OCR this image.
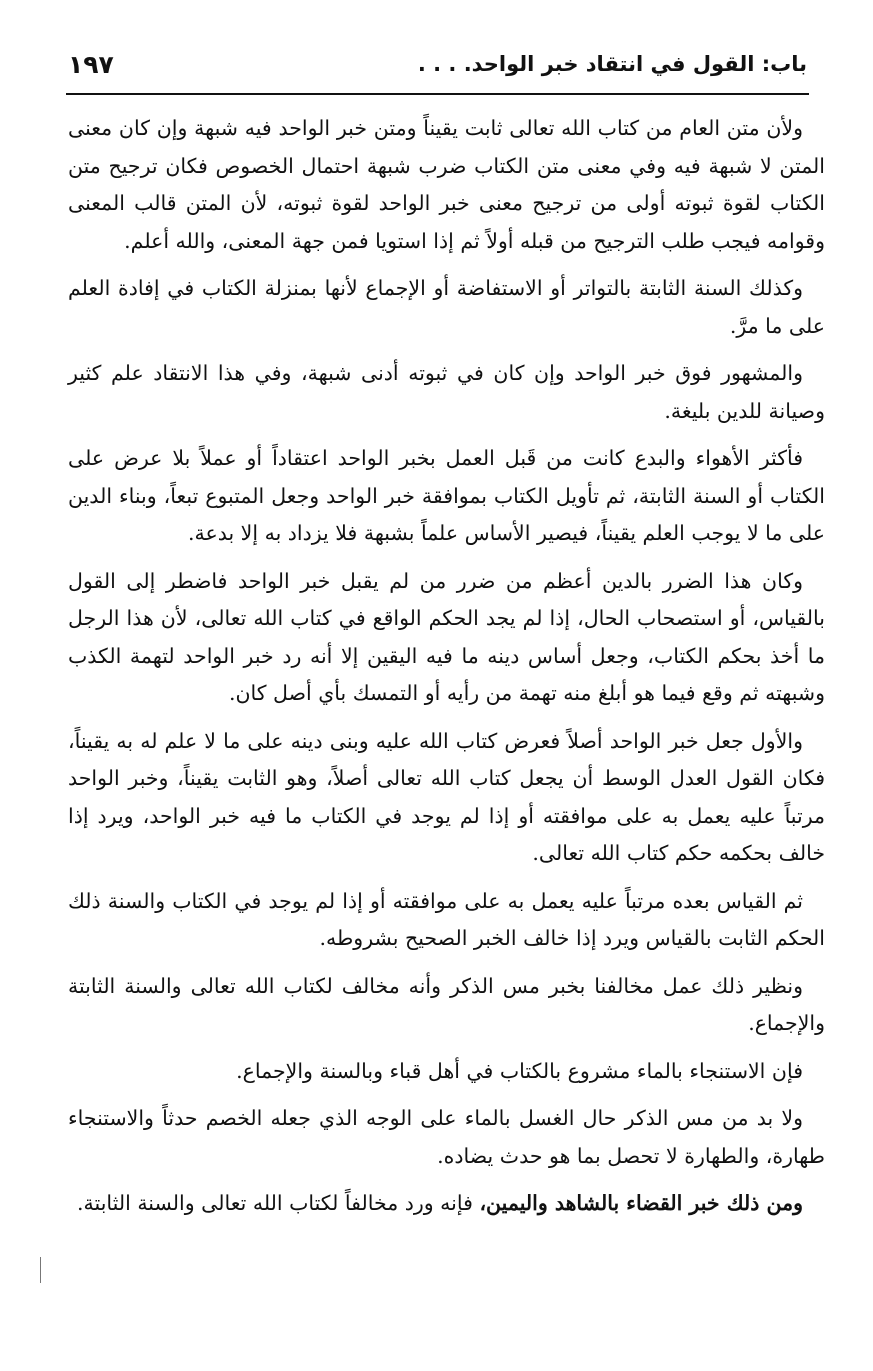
باب: القول في انتقاد خبر الواحد. . . .
١٩٧

ولأن متن العام من كتاب الله تعالى ثابت يقيناً ومتن خبر الواحد فيه شبهة وإن كان معنى المتن لا شبهة فيه وفي معنى متن الكتاب ضرب شبهة احتمال الخصوص فكان ترجيح متن الكتاب لقوة ثبوته أولى من ترجيح معنى خبر الواحد لقوة ثبوته، لأن المتن قالب المعنى وقوامه فيجب طلب الترجيح من قبله أولاً ثم إذا استويا فمن جهة المعنى، والله أعلم.

وكذلك السنة الثابتة بالتواتر أو الاستفاضة أو الإجماع لأنها بمنزلة الكتاب في إفادة العلم على ما مرَّ.

والمشهور فوق خبر الواحد وإن كان في ثبوته أدنى شبهة، وفي هذا الانتقاد علم كثير وصيانة للدين بليغة.

فأكثر الأهواء والبدع كانت من قَبل العمل بخبر الواحد اعتقاداً أو عملاً بلا عرض على الكتاب أو السنة الثابتة، ثم تأويل الكتاب بموافقة خبر الواحد وجعل المتبوع تبعاً، وبناء الدين على ما لا يوجب العلم يقيناً، فيصير الأساس علماً بشبهة فلا يزداد به إلا بدعة.

وكان هذا الضرر بالدين أعظم من ضرر من لم يقبل خبر الواحد فاضطر إلى القول بالقياس، أو استصحاب الحال، إذا لم يجد الحكم الواقع في كتاب الله تعالى، لأن هذا الرجل ما أخذ بحكم الكتاب، وجعل أساس دينه ما فيه اليقين إلا أنه رد خبر الواحد لتهمة الكذب وشبهته ثم وقع فيما هو أبلغ منه تهمة من رأيه أو التمسك بأي أصل كان.

والأول جعل خبر الواحد أصلاً فعرض كتاب الله عليه وبنى دينه على ما لا علم له به يقيناً، فكان القول العدل الوسط أن يجعل كتاب الله تعالى أصلاً، وهو الثابت يقيناً، وخبر الواحد مرتباً عليه يعمل به على موافقته أو إذا لم يوجد في الكتاب ما فيه خبر الواحد، ويرد إذا خالف بحكمه حكم كتاب الله تعالى.

ثم القياس بعده مرتباً عليه يعمل به على موافقته أو إذا لم يوجد في الكتاب والسنة ذلك الحكم الثابت بالقياس ويرد إذا خالف الخبر الصحيح بشروطه.

ونظير ذلك عمل مخالفنا بخبر مس الذكر وأنه مخالف لكتاب الله تعالى والسنة الثابتة والإجماع.

فإن الاستنجاء بالماء مشروع بالكتاب في أهل قباء وبالسنة والإجماع.

ولا بد من مس الذكر حال الغسل بالماء على الوجه الذي جعله الخصم حدثاً والاستنجاء طهارة، والطهارة لا تحصل بما هو حدث يضاده.

ومن ذلك خبر القضاء بالشاهد واليمين، فإنه ورد مخالفاً لكتاب الله تعالى والسنة الثابتة.
